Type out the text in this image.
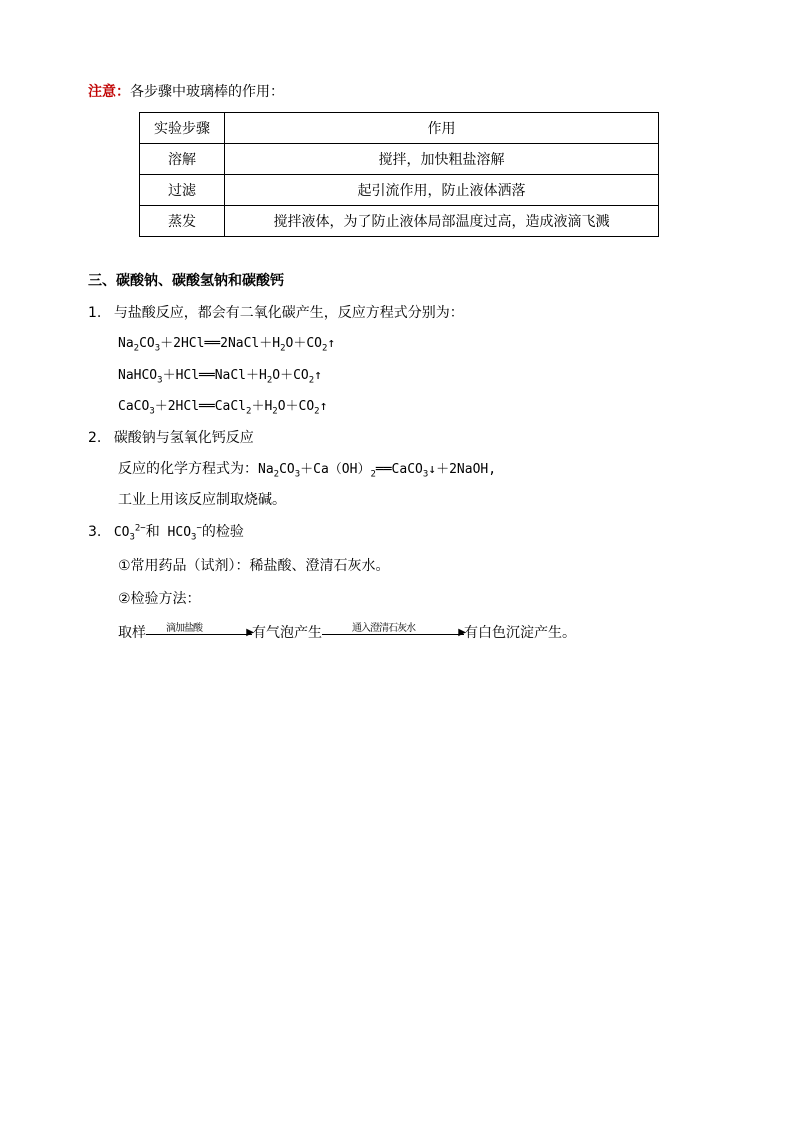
注意：各步骤中玻璃棒的作用：
实验步骤	作用
溶解	搅拌，加快粗盐溶解
过滤	起引流作用，防止液体洒落
蒸发	搅拌液体，为了防止液体局部温度过高，造成液滴飞溅
三、碳酸钠、碳酸氢钠和碳酸钙
1. 与盐酸反应，都会有二氧化碳产生，反应方程式分别为：
$Na_2CO_3+2HCl══2NaCl+H_2O+CO_2↑$
$NaHCO_3+HCl══NaCl+H_2O+CO_2↑$
$CaCO_3+2HCl══CaCl_2+H_2O+CO_2↑$
2. 碳酸钠与氢氧化钙反应
反应的化学方程式为：$Na_2CO_3+Ca(OH)_2══CaCO_3↓+2NaOH$,
工业上用该反应制取烧碱。
3. $CO_3^{2-}$和 $HCO_3^-$的检验
①常用药品（试剂）：稀盐酸、澄清石灰水。
②检验方法：
取样 滴加盐酸	▶
有气泡产生	通入澄清石灰水	▶
有白色沉淀产生。
